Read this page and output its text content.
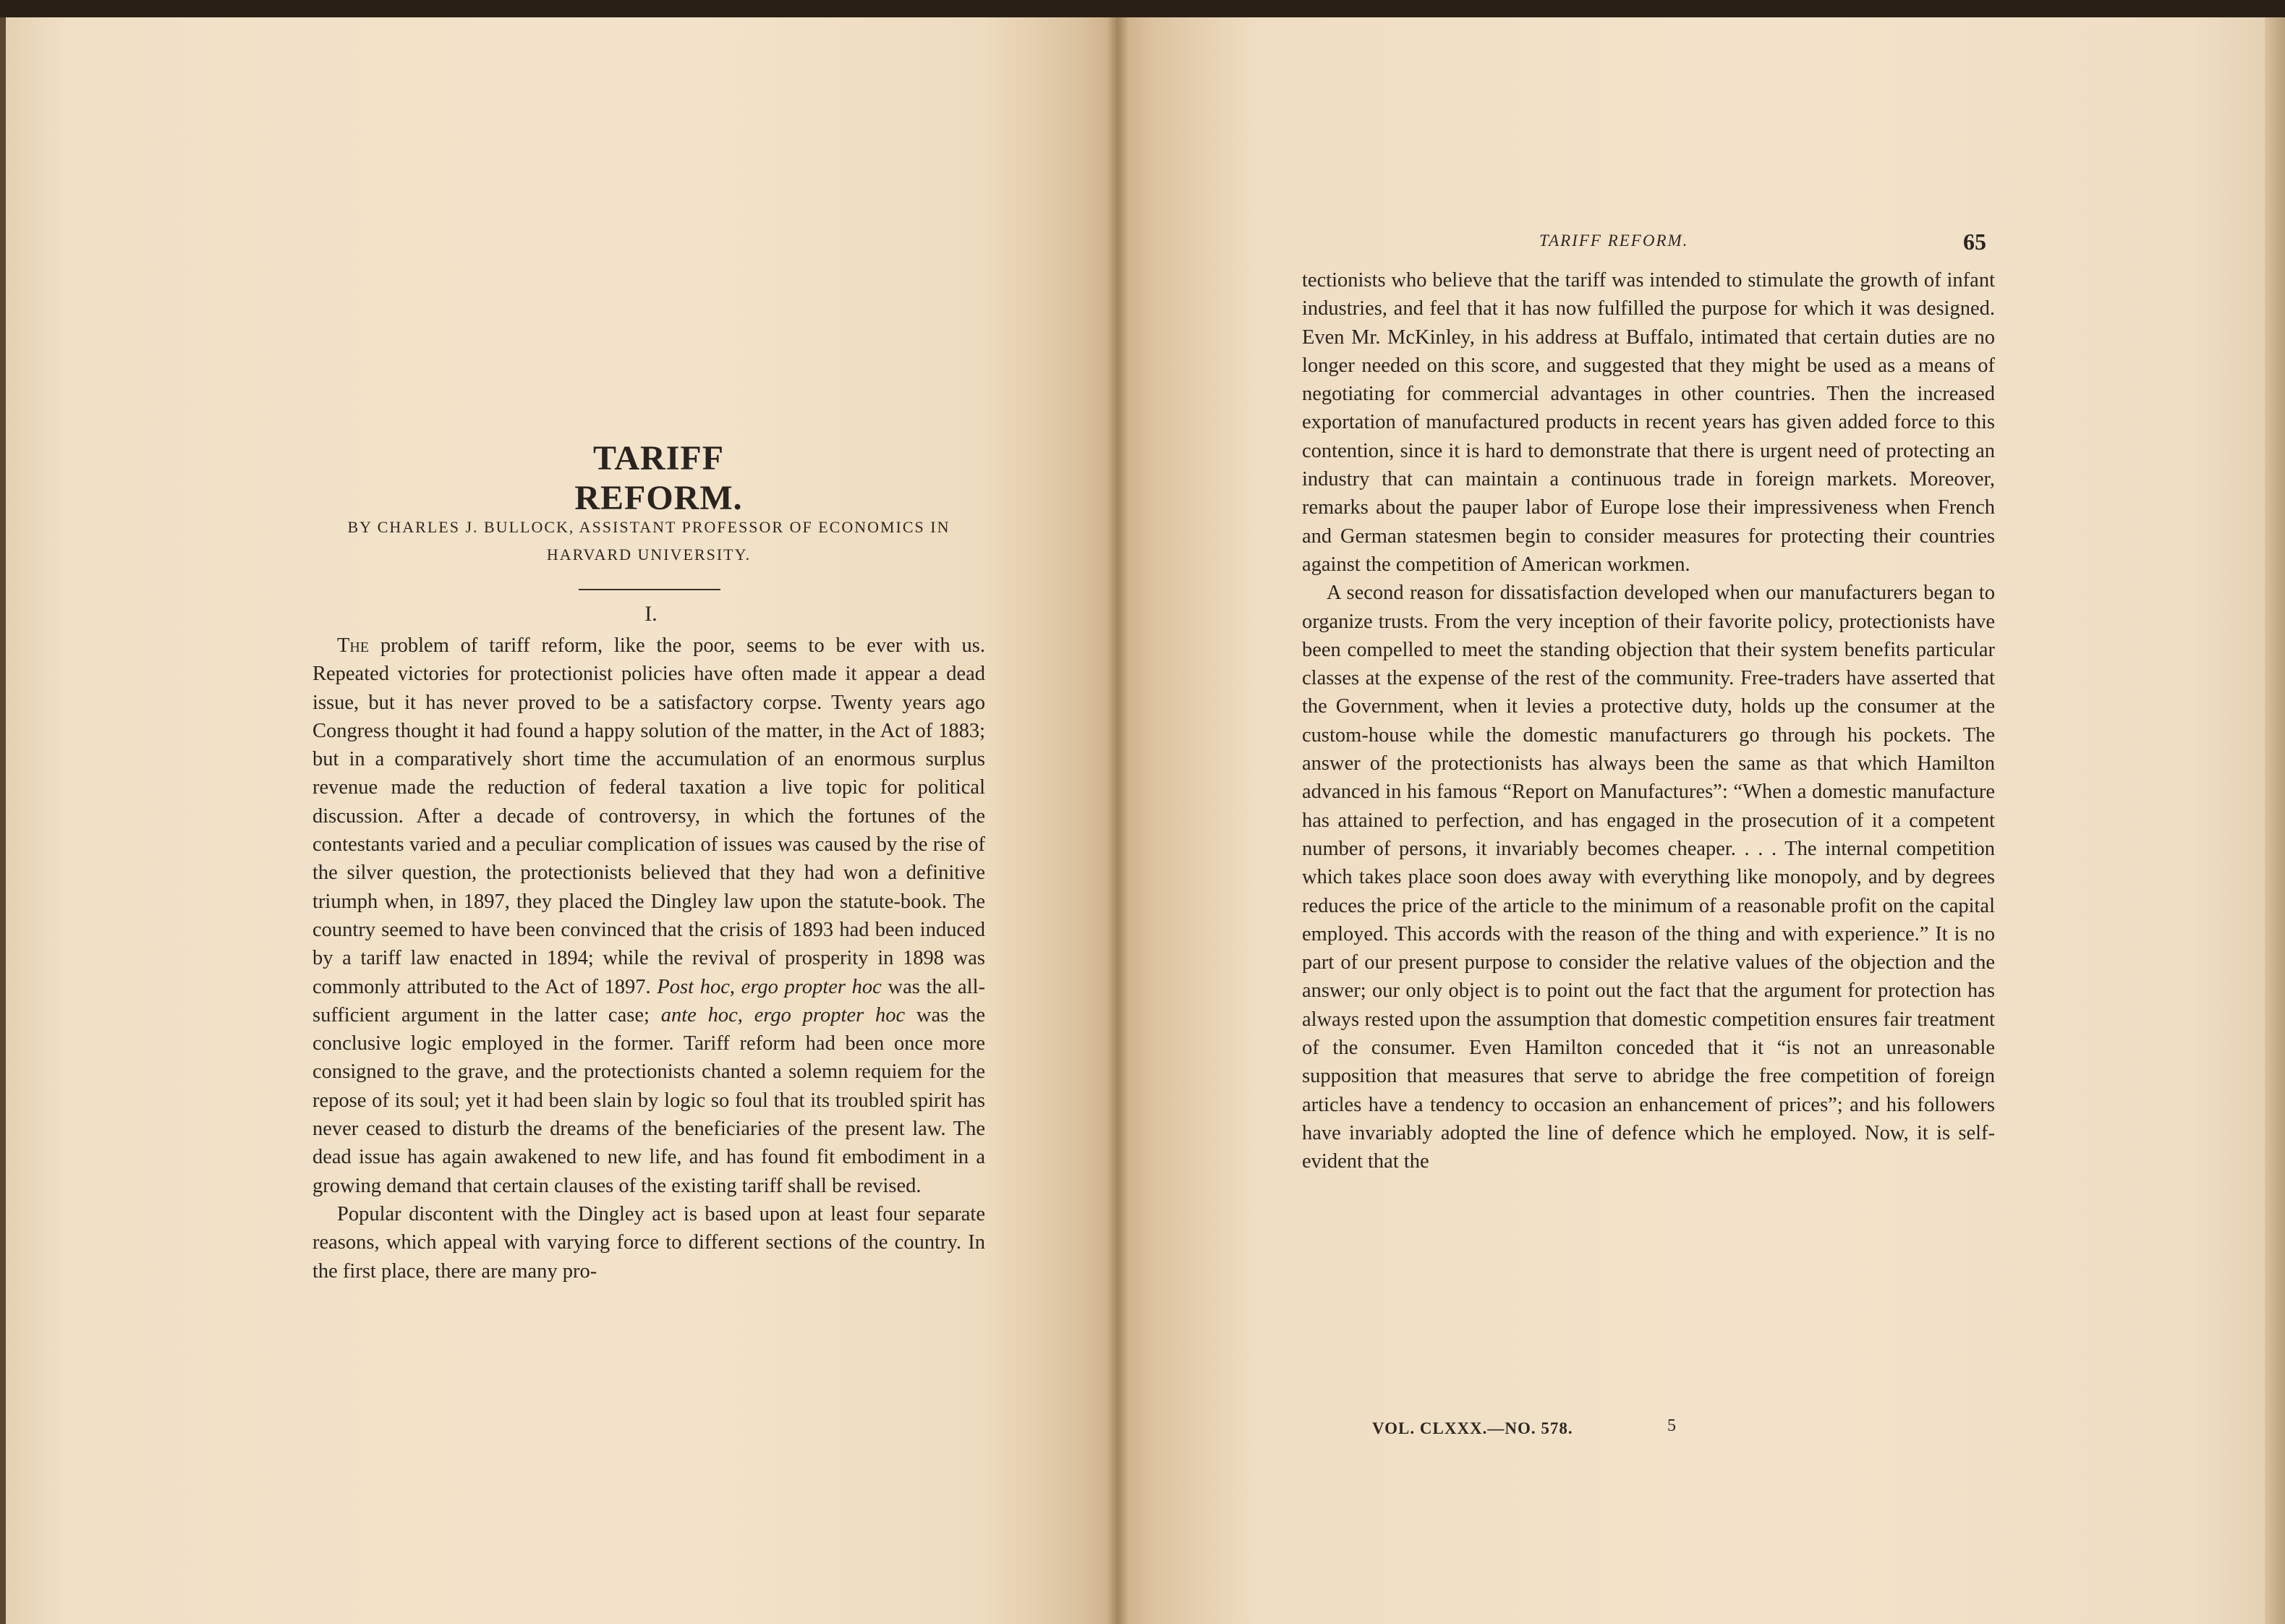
TARIFF REFORM.
BY CHARLES J. BULLOCK, ASSISTANT PROFESSOR OF ECONOMICS IN HARVARD UNIVERSITY.
I.

The problem of tariff reform, like the poor, seems to be ever with us. Repeated victories for protectionist policies have often made it appear a dead issue, but it has never proved to be a satisfactory corpse. Twenty years ago Congress thought it had found a happy solution of the matter, in the Act of 1883; but in a comparatively short time the accumulation of an enormous surplus revenue made the reduction of federal taxation a live topic for political discussion. After a decade of controversy, in which the fortunes of the contestants varied and a peculiar complication of issues was caused by the rise of the silver question, the protectionists believed that they had won a definitive triumph when, in 1897, they placed the Dingley law upon the statute-book. The country seemed to have been convinced that the crisis of 1893 had been induced by a tariff law enacted in 1894; while the revival of prosperity in 1898 was commonly attributed to the Act of 1897. Post hoc, ergo propter hoc was the all-sufficient argument in the latter case; ante hoc, ergo propter hoc was the conclusive logic employed in the former. Tariff reform had been once more consigned to the grave, and the protectionists chanted a solemn requiem for the repose of its soul; yet it had been slain by logic so foul that its troubled spirit has never ceased to disturb the dreams of the beneficiaries of the present law. The dead issue has again awakened to new life, and has found fit embodiment in a growing demand that certain clauses of the existing tariff shall be revised.

Popular discontent with the Dingley act is based upon at least four separate reasons, which appeal with varying force to different sections of the country. In the first place, there are many pro-

TARIFF REFORM.	65

tectionists who believe that the tariff was intended to stimulate the growth of infant industries, and feel that it has now fulfilled the purpose for which it was designed. Even Mr. McKinley, in his address at Buffalo, intimated that certain duties are no longer needed on this score, and suggested that they might be used as a means of negotiating for commercial advantages in other countries. Then the increased exportation of manufactured products in recent years has given added force to this contention, since it is hard to demonstrate that there is urgent need of protecting an industry that can maintain a continuous trade in foreign markets. Moreover, remarks about the pauper labor of Europe lose their impressiveness when French and German statesmen begin to consider measures for protecting their countries against the competition of American workmen.

A second reason for dissatisfaction developed when our manufacturers began to organize trusts. From the very inception of their favorite policy, protectionists have been compelled to meet the standing objection that their system benefits particular classes at the expense of the rest of the community. Free-traders have asserted that the Government, when it levies a protective duty, holds up the consumer at the custom-house while the domestic manufacturers go through his pockets. The answer of the protectionists has always been the same as that which Hamilton advanced in his famous “Report on Manufactures”: “When a domestic manufacture has attained to perfection, and has engaged in the prosecution of it a competent number of persons, it invariably becomes cheaper. . . . The internal competition which takes place soon does away with everything like monopoly, and by degrees reduces the price of the article to the minimum of a reasonable profit on the capital employed. This accords with the reason of the thing and with experience.” It is no part of our present purpose to consider the relative values of the objection and the answer; our only object is to point out the fact that the argument for protection has always rested upon the assumption that domestic competition ensures fair treatment of the consumer. Even Hamilton conceded that it “is not an unreasonable supposition that measures that serve to abridge the free competition of foreign articles have a tendency to occasion an enhancement of prices”; and his followers have invariably adopted the line of defence which he employed. Now, it is self-evident that the

VOL. CLXXX.—NO. 578.	5
